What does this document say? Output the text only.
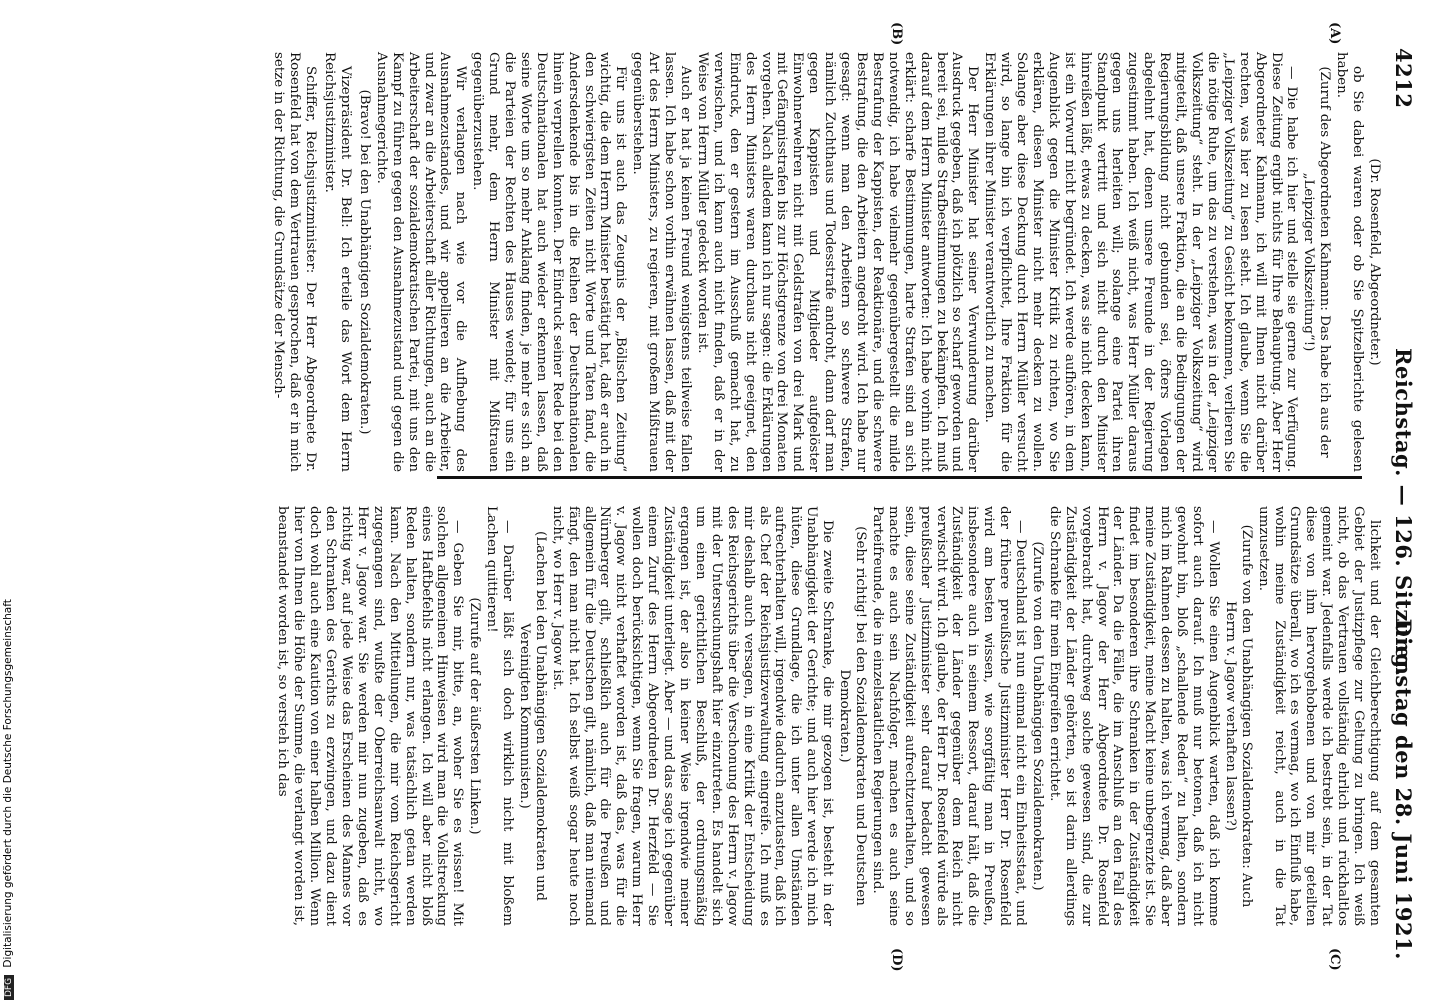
4212
Reichstag. — 126. Sitzung.
Dienstag den 28. Juni 1921.
(A)
(B)
(C)
(D)

(Dr. Rosenfeld, Abgeordneter.)

ob Sie dabei waren oder ob Sie Spitzelberichte gelesen haben.

(Zuruf des Abgeordneten Kahmann: Das habe ich aus der „Leipziger Volkszeitung“!)

— Die habe ich hier und stelle sie gerne zur Verfügung. Diese Zeitung ergibt nichts für Ihre Behauptung. Aber Herr Abgeordneter Kahmann, ich will mit Ihnen nicht darüber rechten, was hier zu lesen steht. Ich glaube, wenn Sie die „Leipziger Volkszeitung“ zu Gesicht bekommen, verlieren Sie die nötige Ruhe, um das zu verstehen, was in der „Leipziger Volkszeitung“ steht. In der „Leipziger Volkszeitung“ wird mitgeteilt, daß unsere Fraktion, die an die Bedingungen der Regierungsbildung nicht gebunden sei, öfters Vorlagen abgelehnt hat, denen unsere Freunde in der Regierung zugestimmt haben. Ich weiß nicht, was Herr Müller daraus gegen uns herleiten will; solange eine Partei ihren Standpunkt vertritt und sich nicht durch den Minister hinreißen läßt, etwas zu decken, was sie nicht decken kann, ist ein Vorwurf nicht begründet. Ich werde aufhören, in dem Augenblick gegen die Minister Kritik zu richten, wo Sie erklären, diesen Minister nicht mehr decken zu wollen. Solange aber diese Deckung durch Herrn Müller versucht wird, so lange bin ich verpflichtet, Ihre Fraktion für die Erklärungen ihrer Minister verantwortlich zu machen.

Der Herr Minister hat seiner Verwunderung darüber Ausdruck gegeben, daß ich plötzlich so scharf geworden und bereit sei, milde Strafbestimmungen zu bekämpfen. Ich muß darauf dem Herrn Minister antworten: Ich habe vorhin nicht erklärt: scharfe Bestimmungen, harte Strafen sind an sich notwendig, ich habe vielmehr gegenübergestellt die milde Bestrafung der Kappisten, der Reaktionäre, und die schwere Bestrafung, die den Arbeitern angedroht wird. Ich habe nur gesagt: wenn man den Arbeitern so schwere Strafen, nämlich Zuchthaus und Todesstrafe androht, dann darf man gegen Kappisten und Mitglieder aufgelöster Einwohnerwehren nicht mit Geldstrafen von drei Mark und mit Gefängnisstrafen bis zur Höchstgrenze von drei Monaten vorgehen. Nach alledem kann ich nur sagen: die Erklärungen des Herrn Ministers waren durchaus nicht geeignet, den Eindruck, den er gestern im Ausschuß gemacht hat, zu verwischen, und ich kann auch nicht finden, daß er in der Weise von Herrn Müller gedeckt worden ist.

Auch er hat ja keinen Freund wenigstens teilweise fallen lassen. Ich habe schon vorhin erwähnen lassen, daß mit der Art des Herrn Ministers, zu regieren, mit großem Mißtrauen gegenüberstehen.

Für uns ist auch das Zeugnis der „Bölischen Zeitung“ wichtig, die dem Herrn Minister bestätigt hat, daß er auch in den schwierigsten Zeiten nicht Worte und Taten fand, die Andersdenkende bis in die Reihen der Deutschnationalen hinein verprellen konnten. Der Eindruck seiner Rede bei den Deutschnationalen hat auch wieder erkennen lassen, daß seine Worte um so mehr Anklang finden, je mehr es sich an die Parteien der Rechten des Hauses wendet; für uns ein Grund mehr, dem Herrn Minister mit Mißtrauen gegenüberzustehen.

Wir verlangen nach wie vor die Aufhebung des Ausnahmezustandes, und wir appellieren an die Arbeiter, und zwar an die Arbeiterschaft aller Richtungen, auch an die Arbeiterschaft der sozialdemokratischen Partei, mit uns den Kampf zu führen gegen den Ausnahmezustand und gegen die Ausnahmegerichte.

(Bravo! bei den Unabhängigen Sozialdemokraten.)

Vizepräsident Dr. Bell: Ich erteile das Wort dem Herrn Reichsjustizminister.

Schiffer, Reichsjustizminister: Der Herr Abgeordnete Dr. Rosenfeld hat von dem Vertrauen gesprochen, daß er in mich setze in der Richtung, die Grundsätze der Mensch-

lichkeit und der Gleichberechtigung auf dem gesamten Gebiet der Justizpflege zur Geltung zu bringen. Ich weiß nicht, ob das Vertrauen vollständig ehrlich und rückhaltlos gemeint war. Jedenfalls werde ich bestrebt sein, in der Tat diese von ihm hervorgehobenen und von mir geteilten Grundsätze überall, wo ich es vermag, wo ich Einfluß habe, wohin meine Zuständigkeit reicht, auch in die Tat umzusetzen.

(Zurufe von den Unabhängigen Sozialdemokraten: Auch Herrn v. Jagow verhaften lassen?)

— Wollen Sie einen Augenblick warten, daß ich komme sofort auch darauf. Ich muß nur betonen, daß ich nicht gewohnt bin, bloß „schallende Reden“ zu halten, sondern mich im Rahmen dessen zu halten, was ich vermag, daß aber meine Zuständigkeit, meine Macht keine unbegrenzte ist. Sie findet im besonderen ihre Schranken in der Zuständigkeit der Länder. Da die Fälle, die im Anschluß an den Fall des Herrn v. Jagow der Herr Abgeordnete Dr. Rosenfeld vorgebracht hat, durchweg solche gewesen sind, die zur Zuständigkeit der Länder gehörten, so ist darin allerdings die Schranke für mein Eingreifen errichtet.

(Zurufe von den Unabhängigen Sozialdemokraten.)

— Deutschland ist nun einmal nicht ein Einheitsstaat, und der frühere preußische Justizminister Herr Dr. Rosenfeld wird am besten wissen, wie sorgfältig man in Preußen, insbesondere auch in seinem Ressort, darauf hält, daß die Zuständigkeit der Länder gegenüber dem Reich nicht verwischt wird. Ich glaube, der Herr Dr. Rosenfeld würde als preußischer Justizminister sehr darauf bedacht gewesen sein, diese seine Zuständigkeit aufrechtzuerhalten, und so machte es auch sein Nachfolger, machen es auch seine Parteifreunde, die in einzelstaatlichen Regierungen sind.

(Sehr richtig! bei den Sozialdemokraten und Deutschen Demokraten.)

Die zweite Schranke, die mir gezogen ist, besteht in der Unabhängigkeit der Gerichte; und auch hier werde ich mich hüten, diese Grundlage, die ich unter allen Umständen aufrechterhalten will, irgendwie dadurch anzutasten, daß ich als Chef der Reichsjustizverwaltung eingreife. Ich muß es mir deshalb auch versagen, in eine Kritik der Entscheidung des Reichsgerichts über die Verschonung des Herrn v. Jagow mit der Untersuchungshaft hier einzutreten. Es handelt sich um einen gerichtlichen Beschluß, der ordnungsmäßig ergangen ist, der also in keiner Weise irgendwie meiner Zuständigkeit unterliegt. Aber — und das sage ich gegenüber einem Zuruf des Herrn Abgeordneten Dr. Herzfeld — Sie wollen doch berücksichtigen, wenn Sie fragen, warum Herr v. Jagow nicht verhaftet worden ist, daß das, was für die Nürnberger gilt, schließlich auch für die Preußen und allgemein für die Deutschen gilt, nämlich, daß man niemand fängt, den man nicht hat. Ich selbst weiß sogar heute noch nicht, wo Herr v. Jagow ist.

(Lachen bei den Unabhängigen Sozialdemokraten und Vereinigten Kommunisten.)

— Darüber läßt sich doch wirklich nicht mit bloßem Lachen quittieren!

(Zurufe auf der äußersten Linken.)

— Geben Sie mir, bitte, an, woher Sie es wissen! Mit solchen allgemeinen Hinweisen wird man die Vollstreckung eines Haftbefehls nicht erlangen. Ich will aber nicht bloß Reden halten, sondern nur, was tatsächlich getan werden kann. Nach den Mitteilungen, die mir vom Reichsgericht zugegangen sind, wußte der Oberreichsanwalt nicht, wo Herr v. Jagow war. Sie werden mir nun zugeben, daß es richtig war, auf jede Weise das Erscheinen des Mannes vor den Schranken des Gerichts zu erzwingen, und dazu dient doch wohl auch eine Kaution von einer halben Million. Wenn hier von Ihnen die Höhe der Summe, die verlangt worden ist, beanstandet worden ist, so versteh ich das

DFG Digitalisierung gefördert durch die Deutsche Forschungsgemeinschaft
